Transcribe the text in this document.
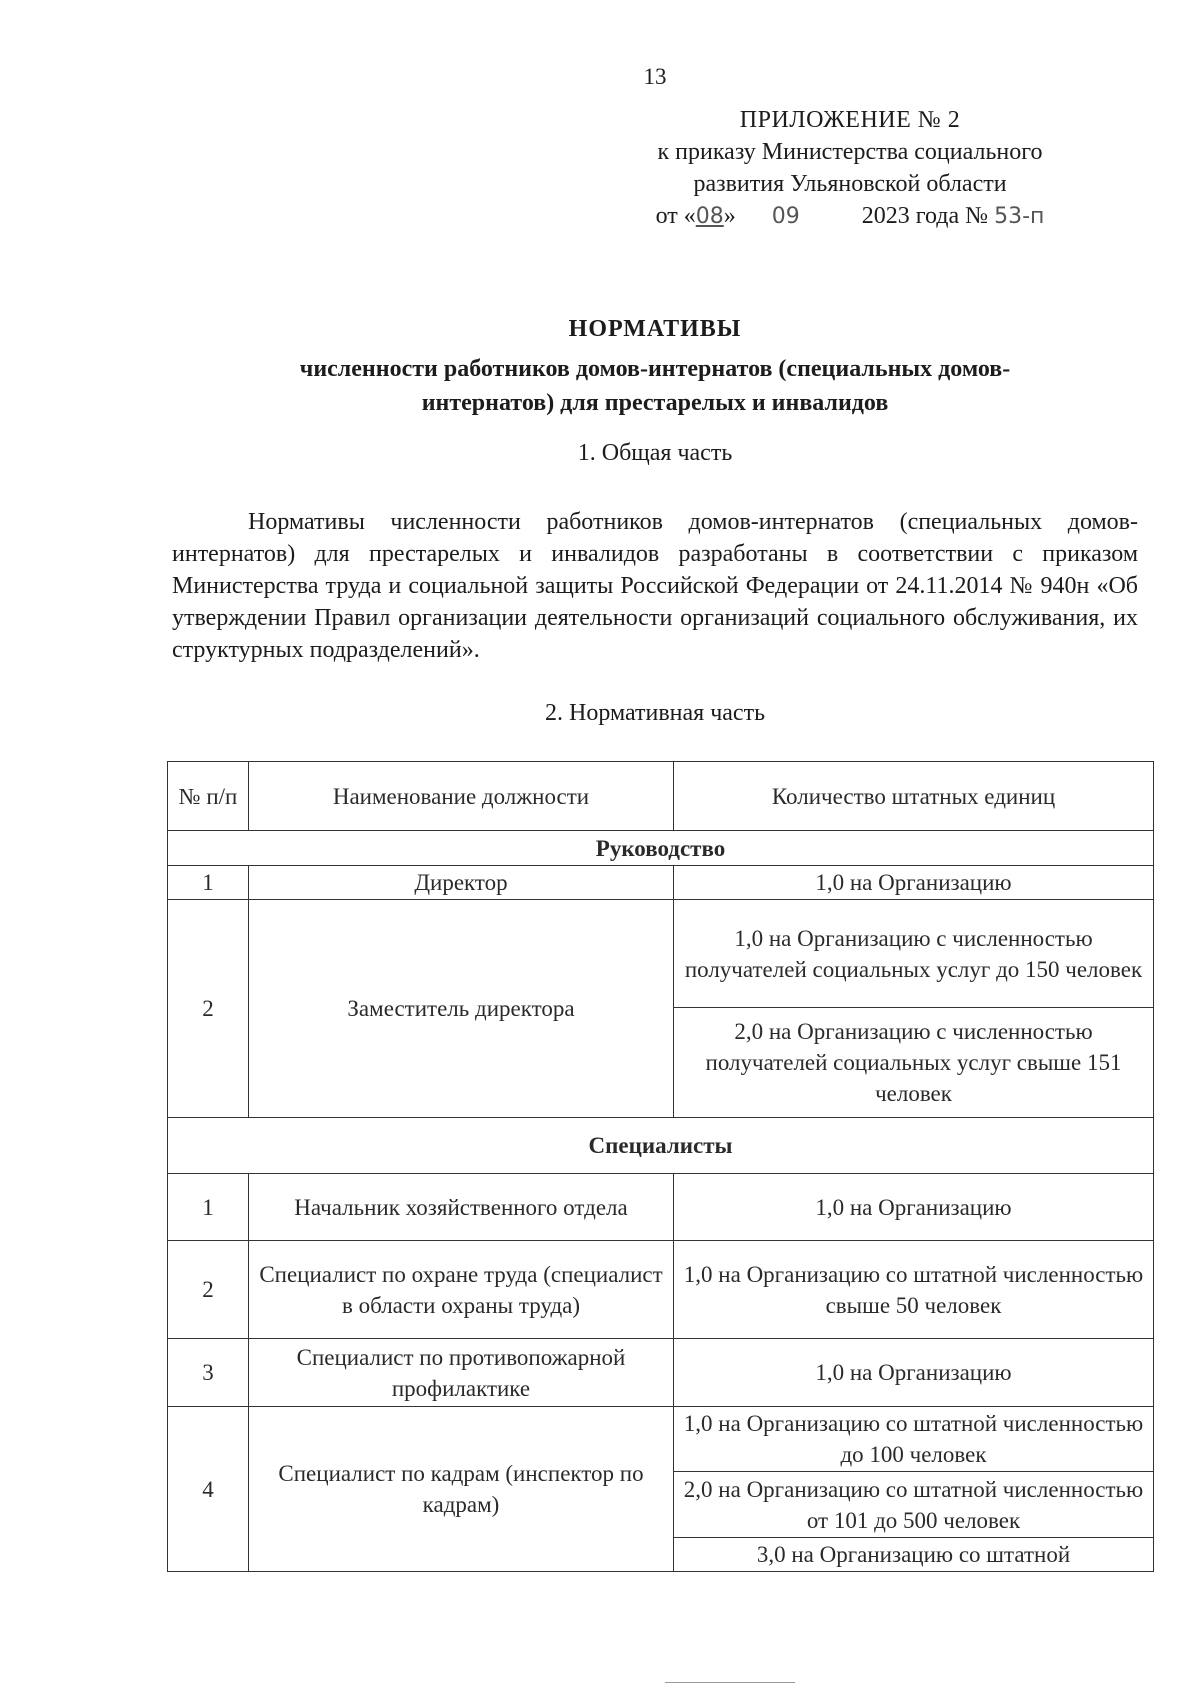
13
ПРИЛОЖЕНИЕ № 2
к приказу Министерства социального
развития Ульяновской области
от «08» 09	2023 года № 53-п
НОРМАТИВЫ
численности работников домов-интернатов (специальных домов-
интернатов) для престарелых и инвалидов
1. Общая часть
Нормативы численности работников домов-интернатов (специальных домов-интернатов) для престарелых и инвалидов разработаны в соответствии с приказом Министерства труда и социальной защиты Российской Федерации от 24.11.2014 № 940н «Об утверждении Правил организации деятельности организаций социального обслуживания, их структурных подразделений».
2. Нормативная часть
№ п/п	Наименование должности	Количество штатных единиц
Руководство		
1	Директор	1,0 на Организацию
2	Заместитель директора	1,0 на Организацию с численностью получателей социальных услуг до 150 человек
		2,0 на Организацию с численностью получателей социальных услуг свыше 151 человек
Специалисты		
1	Начальник хозяйственного отдела	1,0 на Организацию
2	Специалист по охране труда (специалист в области охраны труда)	1,0 на Организацию со штатной численностью свыше 50 человек
3	Специалист по противопожарной профилактике	1,0 на Организацию
4	Специалист по кадрам (инспектор по кадрам)	1,0 на Организацию со штатной численностью до 100 человек
		2,0 на Организацию со штатной численностью от 101 до 500 человек
		3,0 на Организацию со штатной
